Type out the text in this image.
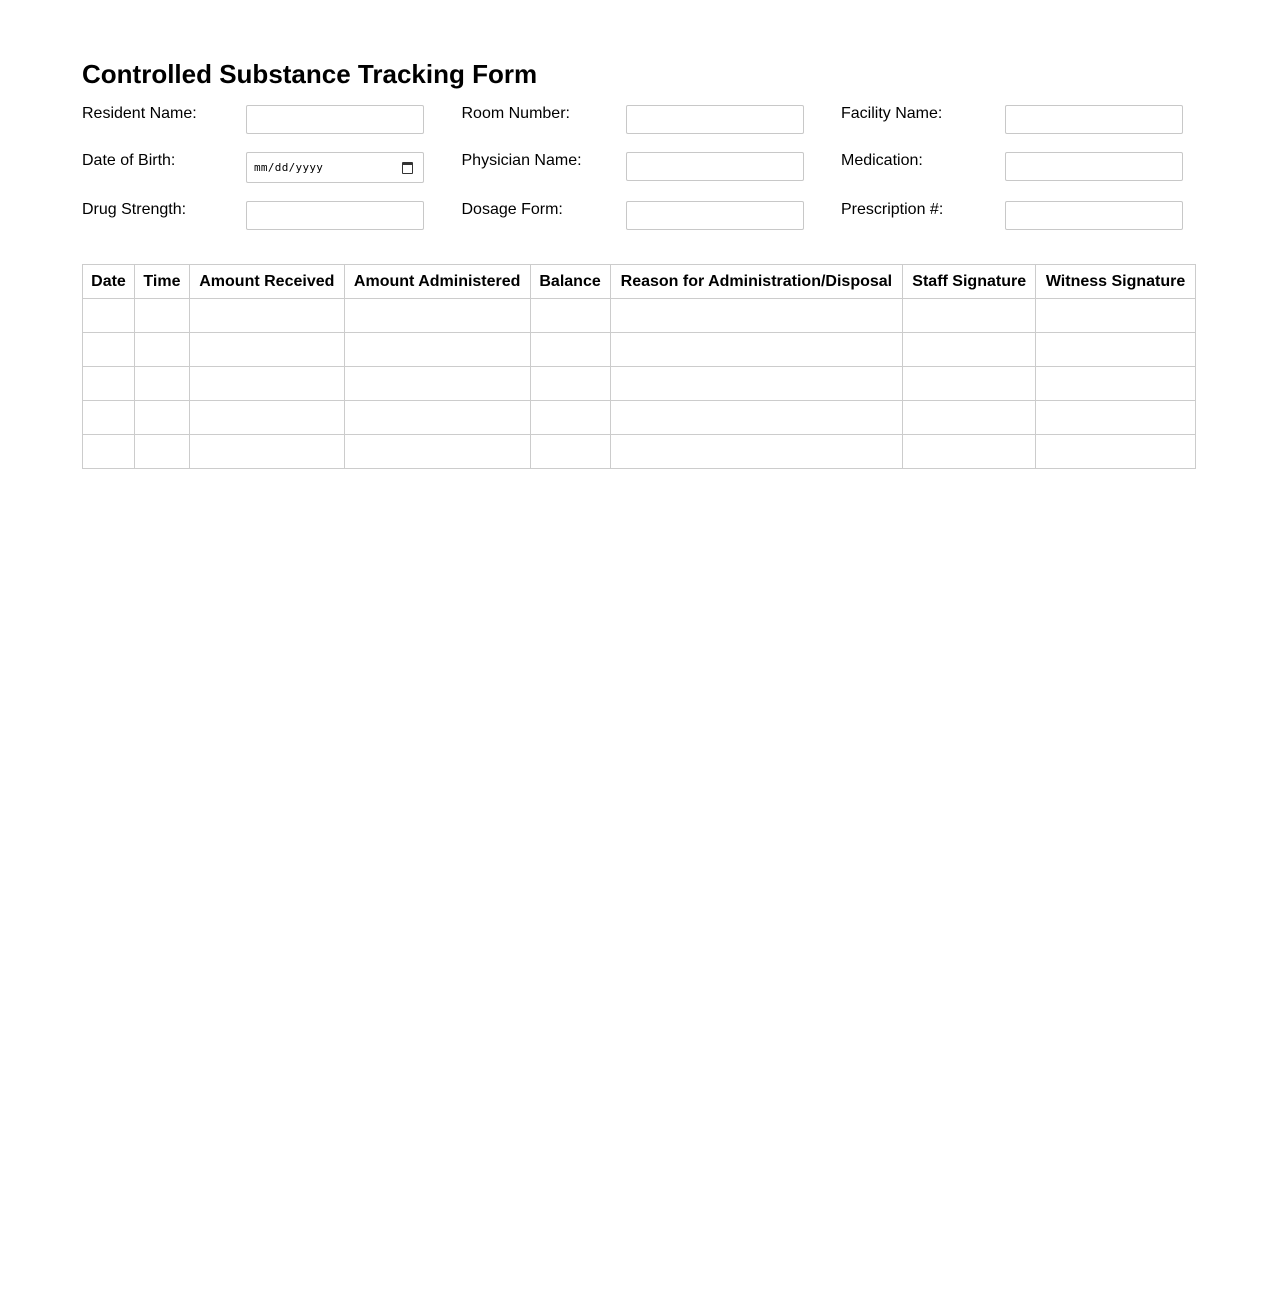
Controlled Substance Tracking Form
Resident Name:	Room Number:	Facility Name:
Date of Birth:	mm/dd/yyyy	Physician Name:	Medication:
Drug Strength:	Dosage Form:	Prescription #:
Date	Time	Amount Received	Amount Administered	Balance	Reason for Administration/Disposal	Staff Signature	Witness Signature
